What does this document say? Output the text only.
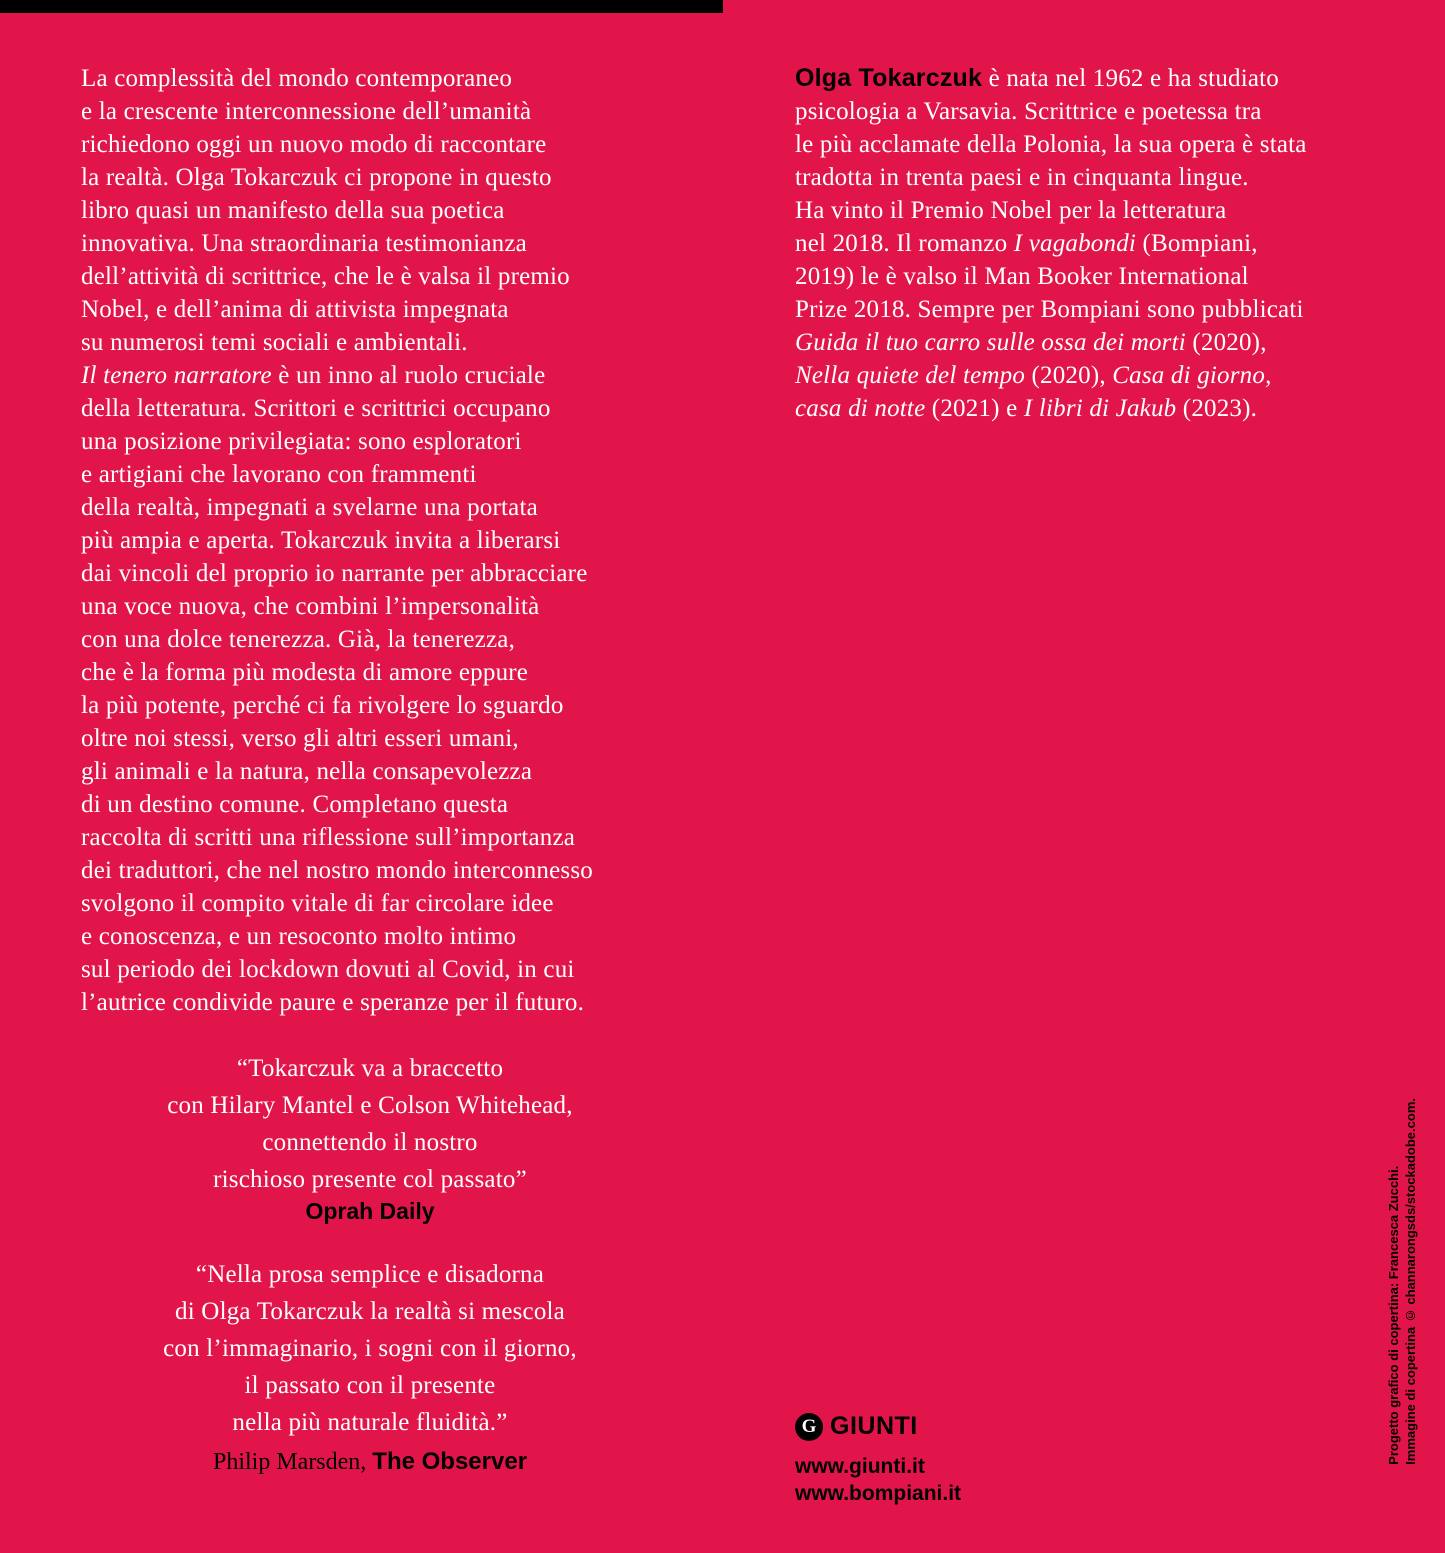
La complessità del mondo contemporaneo
e la crescente interconnessione dell’umanità
richiedono oggi un nuovo modo di raccontare
la realtà. Olga Tokarczuk ci propone in questo
libro quasi un manifesto della sua poetica
innovativa. Una straordinaria testimonianza
dell’attività di scrittrice, che le è valsa il premio
Nobel, e dell’anima di attivista impegnata
su numerosi temi sociali e ambientali.
Il tenero narratore è un inno al ruolo cruciale
della letteratura. Scrittori e scrittrici occupano
una posizione privilegiata: sono esploratori
e artigiani che lavorano con frammenti
della realtà, impegnati a svelarne una portata
più ampia e aperta. Tokarczuk invita a liberarsi
dai vincoli del proprio io narrante per abbracciare
una voce nuova, che combini l’impersonalità
con una dolce tenerezza. Già, la tenerezza,
che è la forma più modesta di amore eppure
la più potente, perché ci fa rivolgere lo sguardo
oltre noi stessi, verso gli altri esseri umani,
gli animali e la natura, nella consapevolezza
di un destino comune. Completano questa
raccolta di scritti una riflessione sull’importanza
dei traduttori, che nel nostro mondo interconnesso
svolgono il compito vitale di far circolare idee
e conoscenza, e un resoconto molto intimo
sul periodo dei lockdown dovuti al Covid, in cui
l’autrice condivide paure e speranze per il futuro.
“Tokarczuk va a braccetto
con Hilary Mantel e Colson Whitehead,
connettendo il nostro
rischioso presente col passato”
Oprah Daily
“Nella prosa semplice e disadorna
di Olga Tokarczuk la realtà si mescola
con l’immaginario, i sogni con il giorno,
il passato con il presente
nella più naturale fluidità.”
Philip Marsden, The Observer
Olga Tokarczuk è nata nel 1962 e ha studiato
psicologia a Varsavia. Scrittrice e poetessa tra
le più acclamate della Polonia, la sua opera è stata
tradotta in trenta paesi e in cinquanta lingue.
Ha vinto il Premio Nobel per la letteratura
nel 2018. Il romanzo I vagabondi (Bompiani,
2019) le è valso il Man Booker International
Prize 2018. Sempre per Bompiani sono pubblicati
Guida il tuo carro sulle ossa dei morti (2020),
Nella quiete del tempo (2020), Casa di giorno,
casa di notte (2021) e I libri di Jakub (2023).
G GIUNTI
www.giunti.it
www.bompiani.it
Immagine di copertina © channarongsds/stockadobe.com.
Progetto grafico di copertina: Francesca Zucchi.
